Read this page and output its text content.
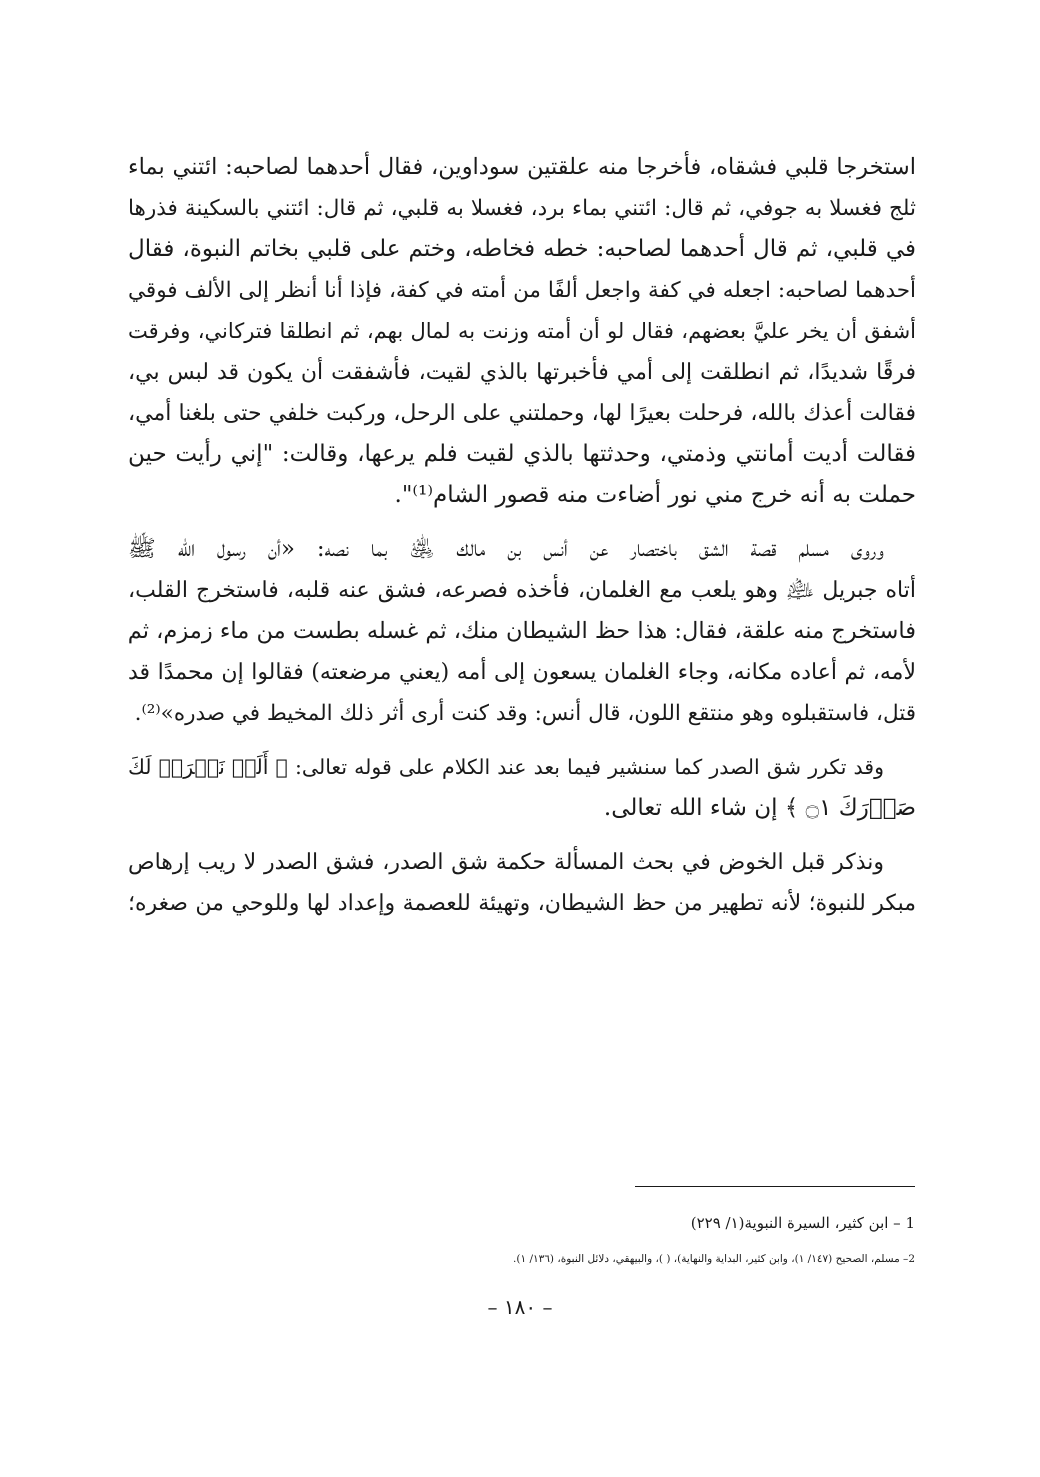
استخرجا قلبي فشقاه، فأخرجا منه علقتين سوداوين، فقال أحدهما لصاحبه: ائتني بماء
ثلج فغسلا به جوفي، ثم قال: ائتني بماء برد، فغسلا به قلبي، ثم قال: ائتني بالسكينة فذرها
في قلبي، ثم قال أحدهما لصاحبه: خطه فخاطه، وختم على قلبي بخاتم النبوة، فقال
أحدهما لصاحبه: اجعله في كفة واجعل ألفًا من أمته في كفة، فإذا أنا أنظر إلى الألف فوقي
أشفق أن يخر عليَّ بعضهم، فقال لو أن أمته وزنت به لمال بهم، ثم انطلقا فتركاني، وفرقت
فرقًا شديدًا، ثم انطلقت إلى أمي فأخبرتها بالذي لقيت، فأشفقت أن يكون قد لبس بي،
فقالت أعذك بالله، فرحلت بعيرًا لها، وحملتني على الرحل، وركبت خلفي حتى بلغنا أمي،
فقالت أديت أمانتي وذمتي، وحدثتها بالذي لقيت فلم يرعها، وقالت: "إني رأيت حين
حملت به أنه خرج مني نور أضاءت منه قصور الشام⁽¹⁾".
وروى مسلم قصة الشق باختصار عن أنس بن مالك ﵁ بما نصه: «أن رسول الله ﷺ
أتاه جبريل ﵇ وهو يلعب مع الغلمان، فأخذه فصرعه، فشق عنه قلبه، فاستخرج القلب،
فاستخرج منه علقة، فقال: هذا حظ الشيطان منك، ثم غسله بطست من ماء زمزم، ثم
لأمه، ثم أعاده مكانه، وجاء الغلمان يسعون إلى أمه (يعني مرضعته) فقالوا إن محمدًا قد
قتل، فاستقبلوه وهو منتقع اللون، قال أنس: وقد كنت أرى أثر ذلك المخيط في صدره»⁽²⁾.
وقد تكرر شق الصدر كما سنشير فيما بعد عند الكلام على قوله تعالى: ﴿ أَلَمۡ نَشۡرَحۡ لَكَ
صَدۡرَكَ ۝١ ﴾ إن شاء الله تعالى.
ونذكر قبل الخوض في بحث المسألة حكمة شق الصدر، فشق الصدر لا ريب إرهاص
مبكر للنبوة؛ لأنه تطهير من حظ الشيطان، وتهيئة للعصمة وإعداد لها وللوحي من صغره؛
1 – ابن كثير، السيرة النبوية(١/ ٢٢٩)
2– مسلم، الصحيح (١٤٧/ ١)، وابن كثير، البداية والنهاية)، ( )، والبيهقي، دلائل النبوة، (١٣٦/ ١).
– ١٨٠ –
